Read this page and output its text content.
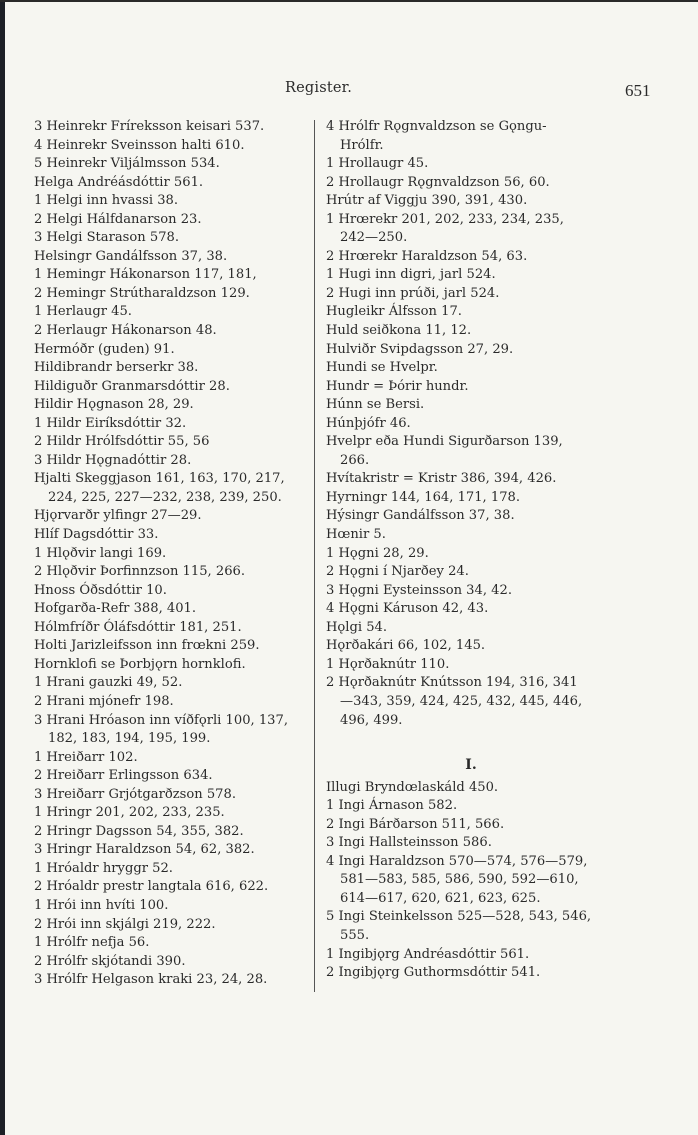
Register.	651
3 Heinrekr Fríreksson keisari 537.
4 Heinrekr Sveinsson halti 610.
5 Heinrekr Viljálmsson 534.
Helga Andréásdóttir 561.
1 Helgi inn hvassi 38.
2 Helgi Hálfdanarson 23.
3 Helgi Starason 578.
Helsingr Gandálfsson 37, 38.
1 Hemingr Hákonarson 117, 181,
2 Hemingr Strútharaldzson 129.
1 Herlaugr 45.
2 Herlaugr Hákonarson 48.
Hermóðr (guden) 91.
Hildibrandr berserkr 38.
Hildiguðr Granmarsdóttir 28.
Hildir Hǫgnason 28, 29.
1 Hildr Eiríksdóttir 32.
2 Hildr Hrólfsdóttir 55, 56
3 Hildr Hǫgnadóttir 28.
Hjalti Skeggjason 161, 163, 170, 217,
224, 225, 227—232, 238, 239, 250.
Hjǫrvarðr ylfingr 27—29.
Hlíf Dagsdóttir 33.
1 Hlǫðvir langi 169.
2 Hlǫðvir Þorfinnzson 115, 266.
Hnoss Óðsdóttir 10.
Hofgarða-Refr 388, 401.
Hólmfríðr Óláfsdóttir 181, 251.
Holti Jarizleifsson inn frœkni 259.
Hornklofi se Þorbjǫrn hornklofi.
1 Hrani gauzki 49, 52.
2 Hrani mjónefr 198.
3 Hrani Hróason inn víðfǫrli 100, 137,
182, 183, 194, 195, 199.
1 Hreiðarr 102.
2 Hreiðarr Erlingsson 634.
3 Hreiðarr Grjótgarðzson 578.
1 Hringr 201, 202, 233, 235.
2 Hringr Dagsson 54, 355, 382.
3 Hringr Haraldzson 54, 62, 382.
1 Hróaldr hryggr 52.
2 Hróaldr prestr langtala 616, 622.
1 Hrói inn hvíti 100.
2 Hrói inn skjálgi 219, 222.
1 Hrólfr nefja 56.
2 Hrólfr skjótandi 390.
3 Hrólfr Helgason kraki 23, 24, 28.
4 Hrólfr Rǫgnvaldzson se Gǫngu-
Hrólfr.
1 Hrollaugr 45.
2 Hrollaugr Rǫgnvaldzson 56, 60.
Hrútr af Viggju 390, 391, 430.
1 Hrœrekr 201, 202, 233, 234, 235,
242—250.
2 Hrœrekr Haraldzson 54, 63.
1 Hugi inn digri, jarl 524.
2 Hugi inn prúði, jarl 524.
Hugleikr Álfsson 17.
Huld seiðkona 11, 12.
Hulviðr Svipdagsson 27, 29.
Hundi se Hvelpr.
Hundr = Þórir hundr.
Húnn se Bersi.
Húnþjófr 46.
Hvelpr eða Hundi Sigurðarson 139,
266.
Hvítakristr = Kristr 386, 394, 426.
Hyrningr 144, 164, 171, 178.
Hýsingr Gandálfsson 37, 38.
Hœnir 5.
1 Hǫgni 28, 29.
2 Hǫgni í Njarðey 24.
3 Hǫgni Eysteinsson 34, 42.
4 Hǫgni Káruson 42, 43.
Hǫlgi 54.
Hǫrðakári 66, 102, 145.
1 Hǫrðaknútr 110.
2 Hǫrðaknútr Knútsson 194, 316, 341
—343, 359, 424, 425, 432, 445, 446,
496, 499.
I.
Illugi Bryndœlaskáld 450.
1 Ingi Árnason 582.
2 Ingi Bárðarson 511, 566.
3 Ingi Hallsteinsson 586.
4 Ingi Haraldzson 570—574, 576—579,
581—583, 585, 586, 590, 592—610,
614—617, 620, 621, 623, 625.
5 Ingi Steinkelsson 525—528, 543, 546,
555.
1 Ingibjǫrg Andréasdóttir 561.
2 Ingibjǫrg Guthormsdóttir 541.
